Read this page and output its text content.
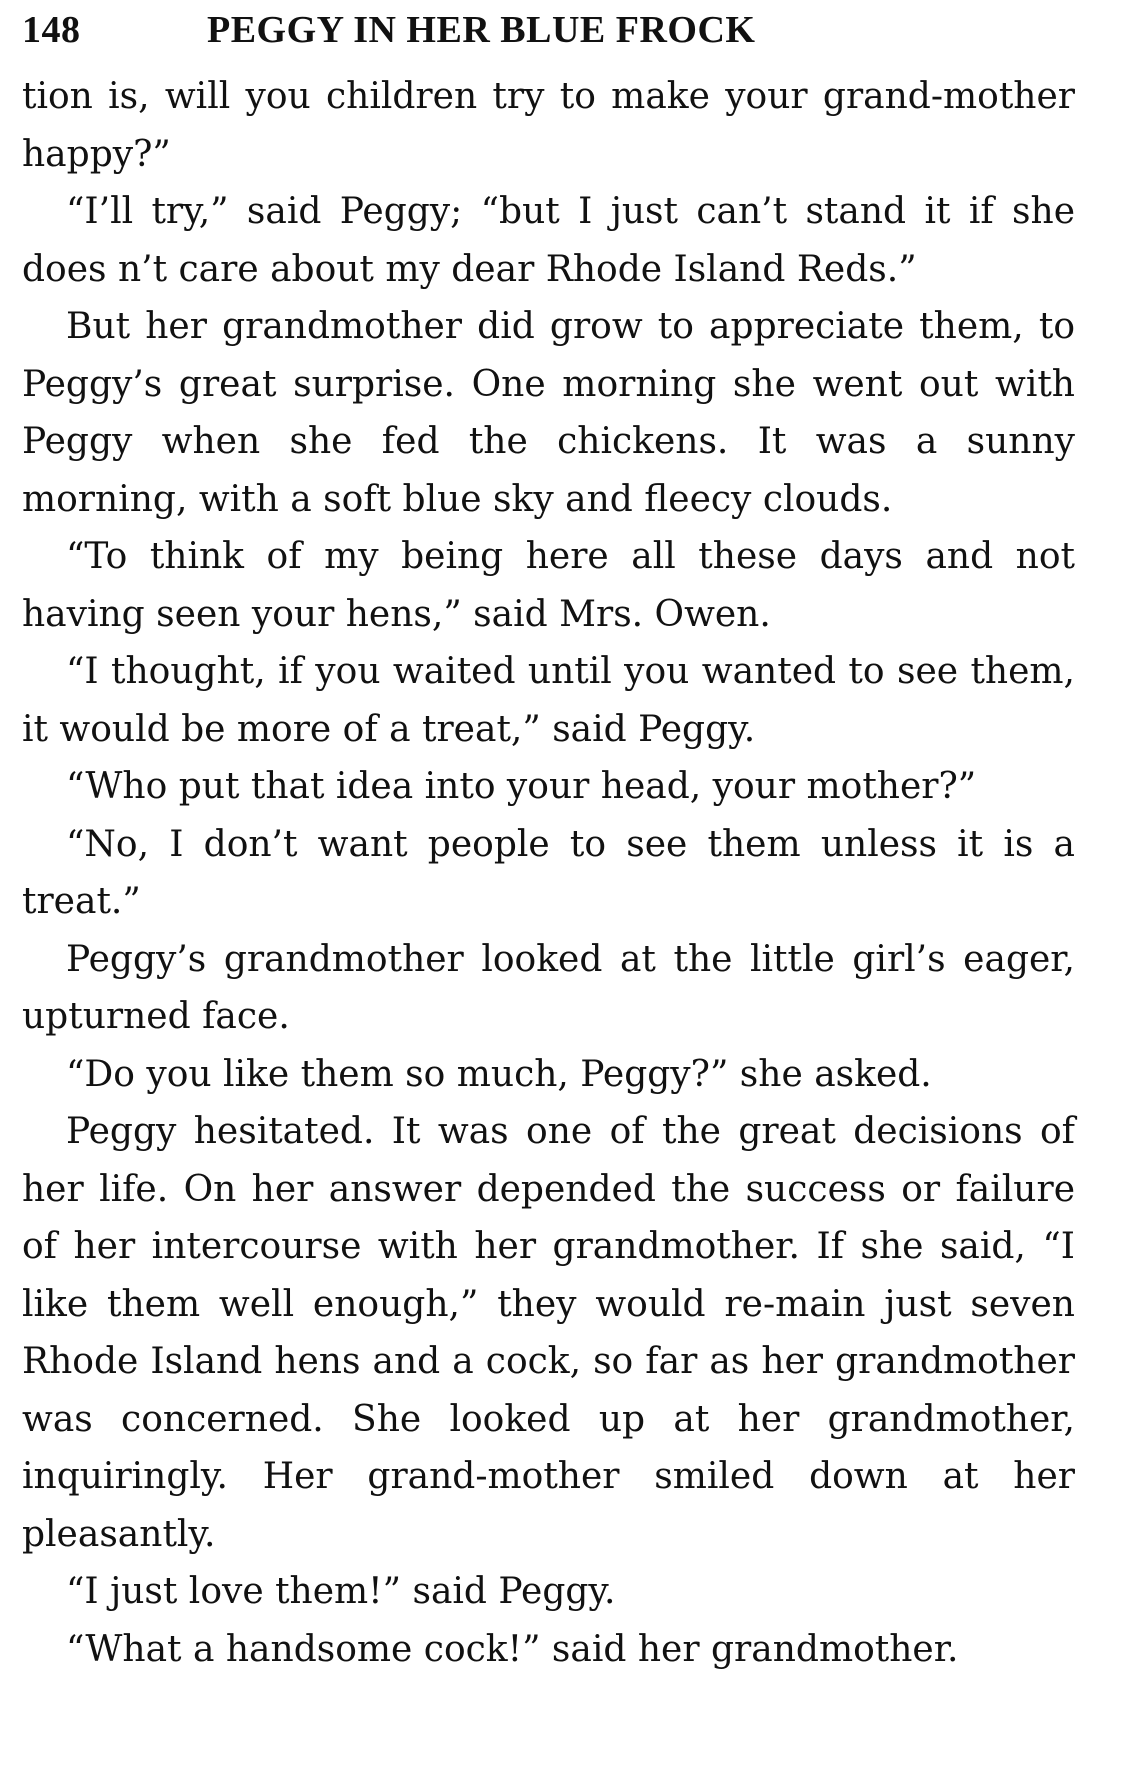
148	PEGGY IN HER BLUE FROCK

tion is, will you children try to make your grand-mother happy?”

“I’ll try,” said Peggy; “but I just can’t stand it if she does n’t care about my dear Rhode Island Reds.”

But her grandmother did grow to appreciate them, to Peggy’s great surprise. One morning she went out with Peggy when she fed the chickens. It was a sunny morning, with a soft blue sky and fleecy clouds.

“To think of my being here all these days and not having seen your hens,” said Mrs. Owen.

“I thought, if you waited until you wanted to see them, it would be more of a treat,” said Peggy.

“Who put that idea into your head, your mother?”

“No, I don’t want people to see them unless it is a treat.”

Peggy’s grandmother looked at the little girl’s eager, upturned face.

“Do you like them so much, Peggy?” she asked.

Peggy hesitated. It was one of the great decisions of her life. On her answer depended the success or failure of her intercourse with her grandmother. If she said, “I like them well enough,” they would re-main just seven Rhode Island hens and a cock, so far as her grandmother was concerned. She looked up at her grandmother, inquiringly. Her grand-mother smiled down at her pleasantly.

“I just love them!” said Peggy.

“What a handsome cock!” said her grandmother.
